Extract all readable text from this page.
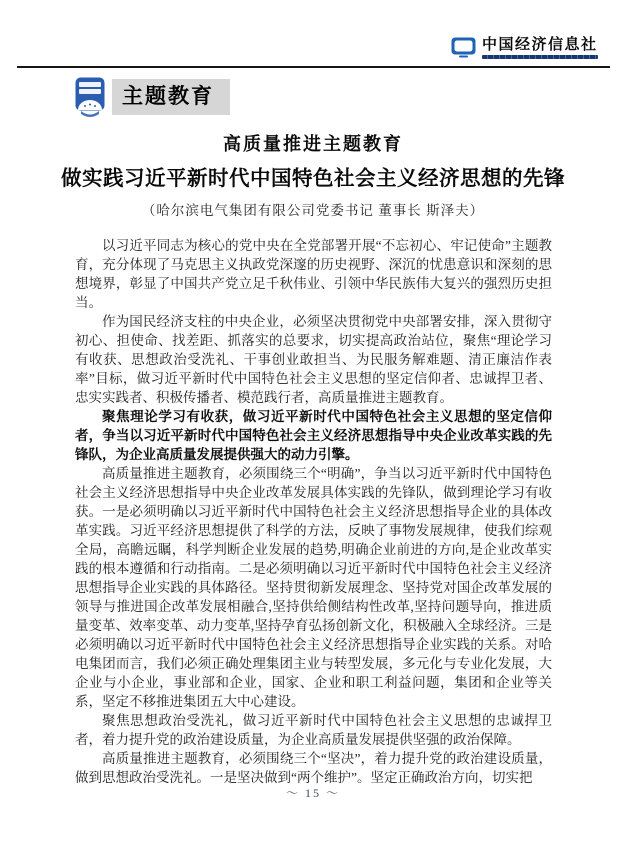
中国经济信息社
主题教育
高质量推进主题教育
做实践习近平新时代中国特色社会主义经济思想的先锋
（哈尔滨电气集团有限公司党委书记 董事长 斯泽夫）

以习近平同志为核心的党中央在全党部署开展“不忘初心、牢记使命”主题教育，充分体现了马克思主义执政党深邃的历史视野、深沉的忧患意识和深刻的思想境界，彰显了中国共产党立足千秋伟业、引领中华民族伟大复兴的强烈历史担当。

作为国民经济支柱的中央企业，必须坚决贯彻党中央部署安排，深入贯彻守初心、担使命、找差距、抓落实的总要求，切实提高政治站位，聚焦“理论学习有收获、思想政治受洗礼、干事创业敢担当、为民服务解难题、清正廉洁作表率”目标，做习近平新时代中国特色社会主义思想的坚定信仰者、忠诚捍卫者、忠实实践者、积极传播者、模范践行者，高质量推进主题教育。

聚焦理论学习有收获，做习近平新时代中国特色社会主义思想的坚定信仰者，争当以习近平新时代中国特色社会主义经济思想指导中央企业改革实践的先锋队，为企业高质量发展提供强大的动力引擎。

高质量推进主题教育，必须围绕三个“明确”，争当以习近平新时代中国特色社会主义经济思想指导中央企业改革发展具体实践的先锋队，做到理论学习有收获。一是必须明确以习近平新时代中国特色社会主义经济思想指导企业的具体改革实践。习近平经济思想提供了科学的方法，反映了事物发展规律，使我们综观全局，高瞻远瞩，科学判断企业发展的趋势,明确企业前进的方向,是企业改革实践的根本遵循和行动指南。二是必须明确以习近平新时代中国特色社会主义经济思想指导企业实践的具体路径。坚持贯彻新发展理念、坚持党对国企改革发展的领导与推进国企改革发展相融合,坚持供给侧结构性改革,坚持问题导向，推进质量变革、效率变革、动力变革,坚持孕育弘扬创新文化，积极融入全球经济。三是必须明确以习近平新时代中国特色社会主义经济思想指导企业实践的关系。对哈电集团而言，我们必须正确处理集团主业与转型发展，多元化与专业化发展，大企业与小企业，事业部和企业，国家、企业和职工利益问题，集团和企业等关系，坚定不移推进集团五大中心建设。

聚焦思想政治受洗礼，做习近平新时代中国特色社会主义思想的忠诚捍卫者，着力提升党的政治建设质量，为企业高质量发展提供坚强的政治保障。

高质量推进主题教育，必须围绕三个“坚决”，着力提升党的政治建设质量，做到思想政治受洗礼。一是坚决做到“两个维护”。坚定正确政治方向，切实把

～ 15 ～
